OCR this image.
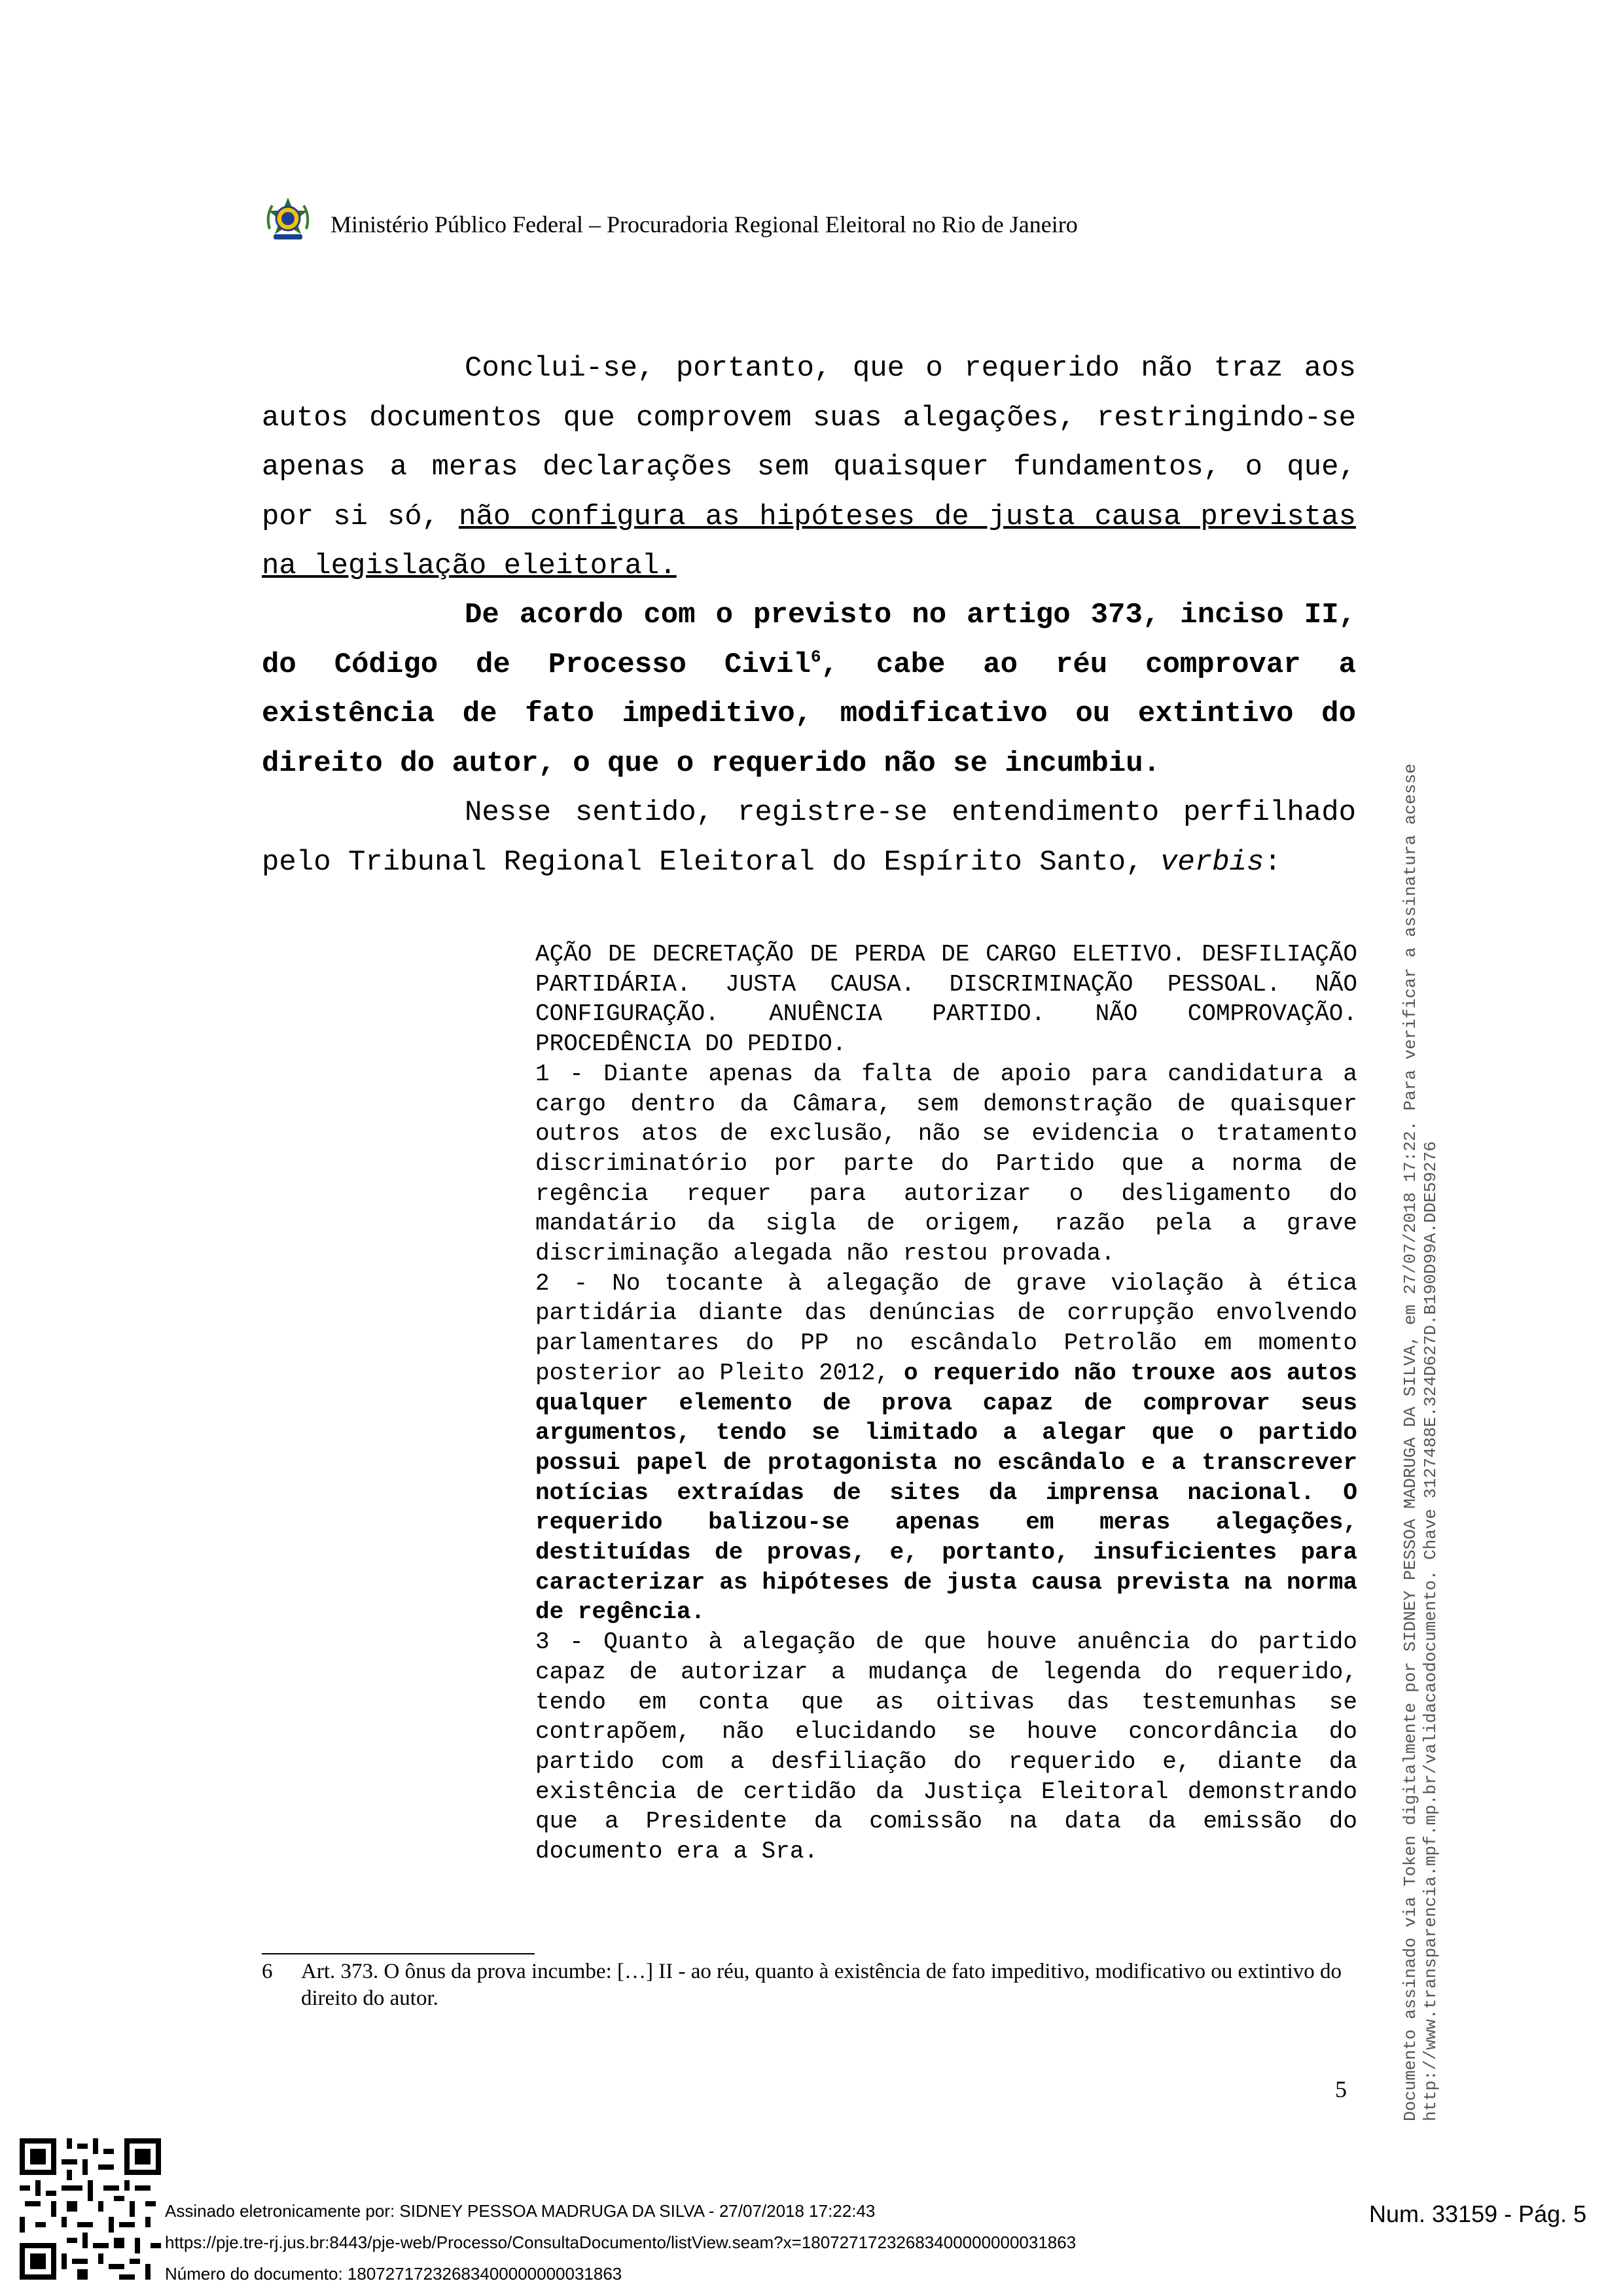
Ministério Público Federal – Procuradoria Regional Eleitoral no Rio de Janeiro

Conclui-se, portanto, que o requerido não traz aos autos documentos que comprovem suas alegações, restringindo-se apenas a meras declarações sem quaisquer fundamentos, o que, por si só, não configura as hipóteses de justa causa previstas na legislação eleitoral.

De acordo com o previsto no artigo 373, inciso II, do Código de Processo Civil$^6$, cabe ao réu comprovar a existência de fato impeditivo, modificativo ou extintivo do direito do autor, o que o requerido não se incumbiu.

Nesse sentido, registre-se entendimento perfilhado pelo Tribunal Regional Eleitoral do Espírito Santo, verbis:

AÇÃO DE DECRETAÇÃO DE PERDA DE CARGO ELETIVO. DESFILIAÇÃO PARTIDÁRIA. JUSTA CAUSA. DISCRIMINAÇÃO PESSOAL. NÃO CONFIGURAÇÃO. ANUÊNCIA PARTIDO. NÃO COMPROVAÇÃO. PROCEDÊNCIA DO PEDIDO.

1 - Diante apenas da falta de apoio para candidatura a cargo dentro da Câmara, sem demonstração de quaisquer outros atos de exclusão, não se evidencia o tratamento discriminatório por parte do Partido que a norma de regência requer para autorizar o desligamento do mandatário da sigla de origem, razão pela a grave discriminação alegada não restou provada.

2 - No tocante à alegação de grave violação à ética partidária diante das denúncias de corrupção envolvendo parlamentares do PP no escândalo Petrolão em momento posterior ao Pleito 2012, o requerido não trouxe aos autos qualquer elemento de prova capaz de comprovar seus argumentos, tendo se limitado a alegar que o partido possui papel de protagonista no escândalo e a transcrever notícias extraídas de sites da imprensa nacional. O requerido balizou-se apenas em meras alegações, destituídas de provas, e, portanto, insuficientes para caracterizar as hipóteses de justa causa prevista na norma de regência.

3 - Quanto à alegação de que houve anuência do partido capaz de autorizar a mudança de legenda do requerido, tendo em conta que as oitivas das testemunhas se contrapõem, não elucidando se houve concordância do partido com a desfiliação do requerido e, diante da existência de certidão da Justiça Eleitoral demonstrando que a Presidente da comissão na data da emissão do documento era a Sra.

6 Art. 373. O ônus da prova incumbe: […] II - ao réu, quanto à existência de fato impeditivo, modificativo ou extintivo do direito do autor.
5	Documento assinado via Token digitalmente por SIDNEY PESSOA MADRUGA DA SILVA, em 27/07/2018 17:22. Para verificar a assinatura acesse http://www.transparencia.mpf.mp.br/validacaodocumento. Chave 3127488E.324D627D.B190D99A.DDE59276
Assinado eletronicamente por: SIDNEY PESSOA MADRUGA DA SILVA - 27/07/2018 17:22:43
https://pje.tre-rj.jus.br:8443/pje-web/Processo/ConsultaDocumento/listView.seam?x=18072717232683400000000031863
Número do documento: 18072717232683400000000031863
Num. 33159 - Pág. 5
